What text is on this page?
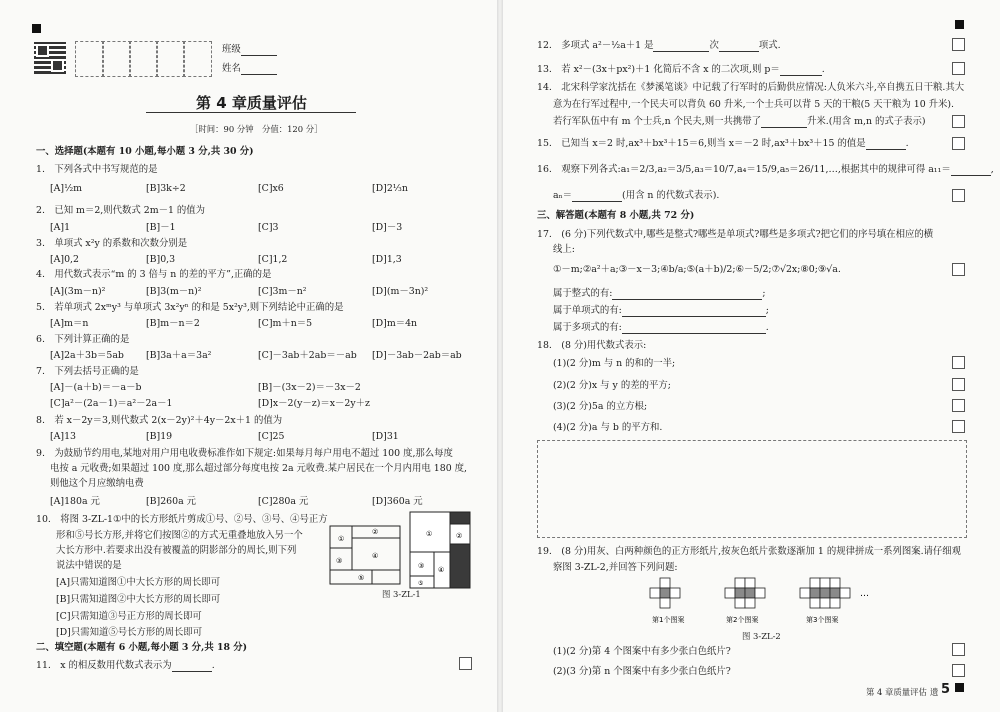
班级
姓名
第 4 章质量评估
［时间：90 分钟　分值：120 分］
一、选择题(本题有 10 小题,每小题 3 分,共 30 分)
1.　下列各式中书写规范的是
[A]½m	[B]3k÷2	[C]x6	[D]2⅓n
2.　已知 m＝2,则代数式 2m－1 的值为
[A]1	[B]－1	[C]3	[D]－3
3.　单项式 x²y 的系数和次数分别是
[A]0,2	[B]0,3	[C]1,2	[D]1,3
4.　用代数式表示“m 的 3 倍与 n 的差的平方”,正确的是
[A](3m－n)²	[B]3(m－n)²	[C]3m－n²	[D](m－3n)²
5.　若单项式 2xᵐy³ 与单项式 3x²yⁿ 的和是 5x²y³,则下列结论中正确的是
[A]m＝n	[B]m－n＝2	[C]m＋n＝5	[D]m＝4n
6.　下列计算正确的是
[A]2a＋3b＝5ab [B]3a＋a＝3a²	[C]－3ab＋2ab＝－ab [D]－3ab－2ab＝ab
7.　下列去括号正确的是
[A]－(a＋b)＝－a－b	[B]－(3x－2)＝－3x－2
[C]a²－(2a－1)＝a²－2a－1	[D]x－2(y－z)＝x－2y＋z
8.　若 x－2y＝3,则代数式 2(x－2y)²＋4y－2x＋1 的值为
[A]13	[B]19	[C]25	[D]31
9.　为鼓励节约用电,某地对用户用电收费标准作如下规定:如果每月每户用电不超过 100 度,那么每度
电按 a 元收费;如果超过 100 度,那么超过部分每度电按 2a 元收费.某户居民在一个月内用电 180 度,
则他这个月应缴纳电费
[A]180a 元	[B]260a 元	[C]280a 元	[D]360a 元
10.　将图 3-ZL-1①中的长方形纸片剪成①号、②号、③号、④号正方
形和⑤号长方形,并将它们按图②的方式无重叠地放入另一个
大长方形中.若要求出没有被覆盖的阴影部分的周长,则下列
说法中错误的是
[A]只需知道图①中大长方形的周长即可
[B]只需知道图②中大长方形的周长即可
[C]只需知道③号正方形的周长即可
[D]只需知道⑤号长方形的周长即可
①
②
③
④
⑤
①	②
③ ④
⑤
图 3-ZL-1
二、填空题(本题有 6 小题,每小题 3 分,共 18 分)
11.　x 的相反数用代数式表示为	.
12.　多项式 a²－½a＋1 是	次	项式.
13.　若 x²－(3x＋px²)＋1 化简后不含 x 的二次项,则 p＝	.
14.　北宋科学家沈括在《梦溪笔谈》中记载了行军时的后勤供应情况:人负米六斗,卒自携五日干粮.其大
意为在行军过程中,一个民夫可以背负 60 升米,一个士兵可以背 5 天的干粮(5 天干粮为 10 升米).
若行军队伍中有 m 个士兵,n 个民夫,则一共携带了	升米.(用含 m,n 的式子表示)
15.　已知当 x＝2 时,ax³＋bx³＋15＝6,则当 x＝－2 时,ax³＋bx³＋15 的值是	.
16.　观察下列各式:a₁＝2/3,a₂＝3/5,a₃＝10/7,a₄＝15/9,a₅＝26/11,…,根据其中的规律可得 a₁₁＝	,
aₙ＝	(用含 n 的代数式表示).
三、解答题(本题有 8 小题,共 72 分)
17.　(6 分)下列代数式中,哪些是整式?哪些是单项式?哪些是多项式?把它们的序号填在相应的横
线上:
①－m;②a²＋a;③－x－3;④b/a;⑤(a＋b)/2;⑥－5/2;⑦√2x;⑧0;⑨√a.
属于整式的有:	;
属于单项式的有:	;
属于多项式的有:	.
18.　(8 分)用代数式表示:
(1)(2 分)m 与 n 的和的一半;
(2)(2 分)x 与 y 的差的平方;
(3)(2 分)5a 的立方根;
(4)(2 分)a 与 b 的平方和.
19.　(8 分)用灰、白两种颜色的正方形纸片,按灰色纸片张数逐渐加 1 的规律拼成一系列图案.请仔细观
察图 3-ZL-2,并回答下列问题:
第1个图案	第2个图案	第3个图案
…
图 3-ZL-2
(1)(2 分)第 4 个图案中有多少张白色纸片?
(2)(3 分)第 n 个图案中有多少张白色纸片?
第 4 章质量评估 遗 5
